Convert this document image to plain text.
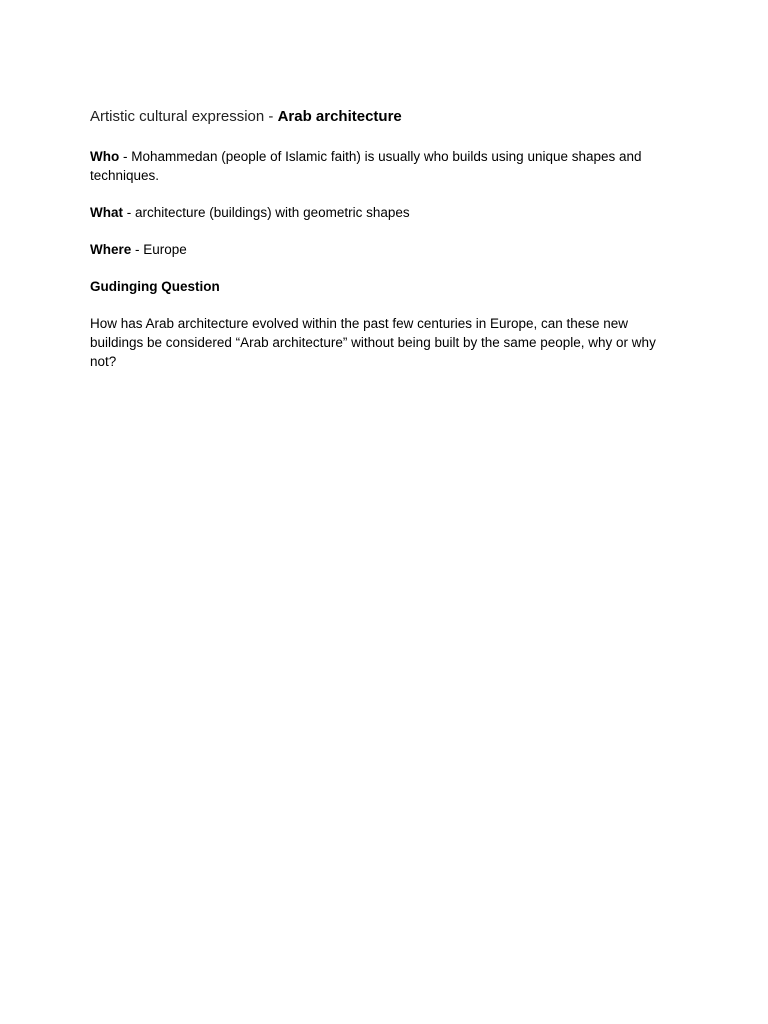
Artistic cultural expression - Arab architecture

Who - Mohammedan (people of Islamic faith) is usually who builds using unique shapes and techniques.

What - architecture (buildings) with geometric shapes

Where - Europe

Gudinging Question

How has Arab architecture evolved within the past few centuries in Europe, can these new buildings be considered “Arab architecture” without being built by the same people, why or why not?
